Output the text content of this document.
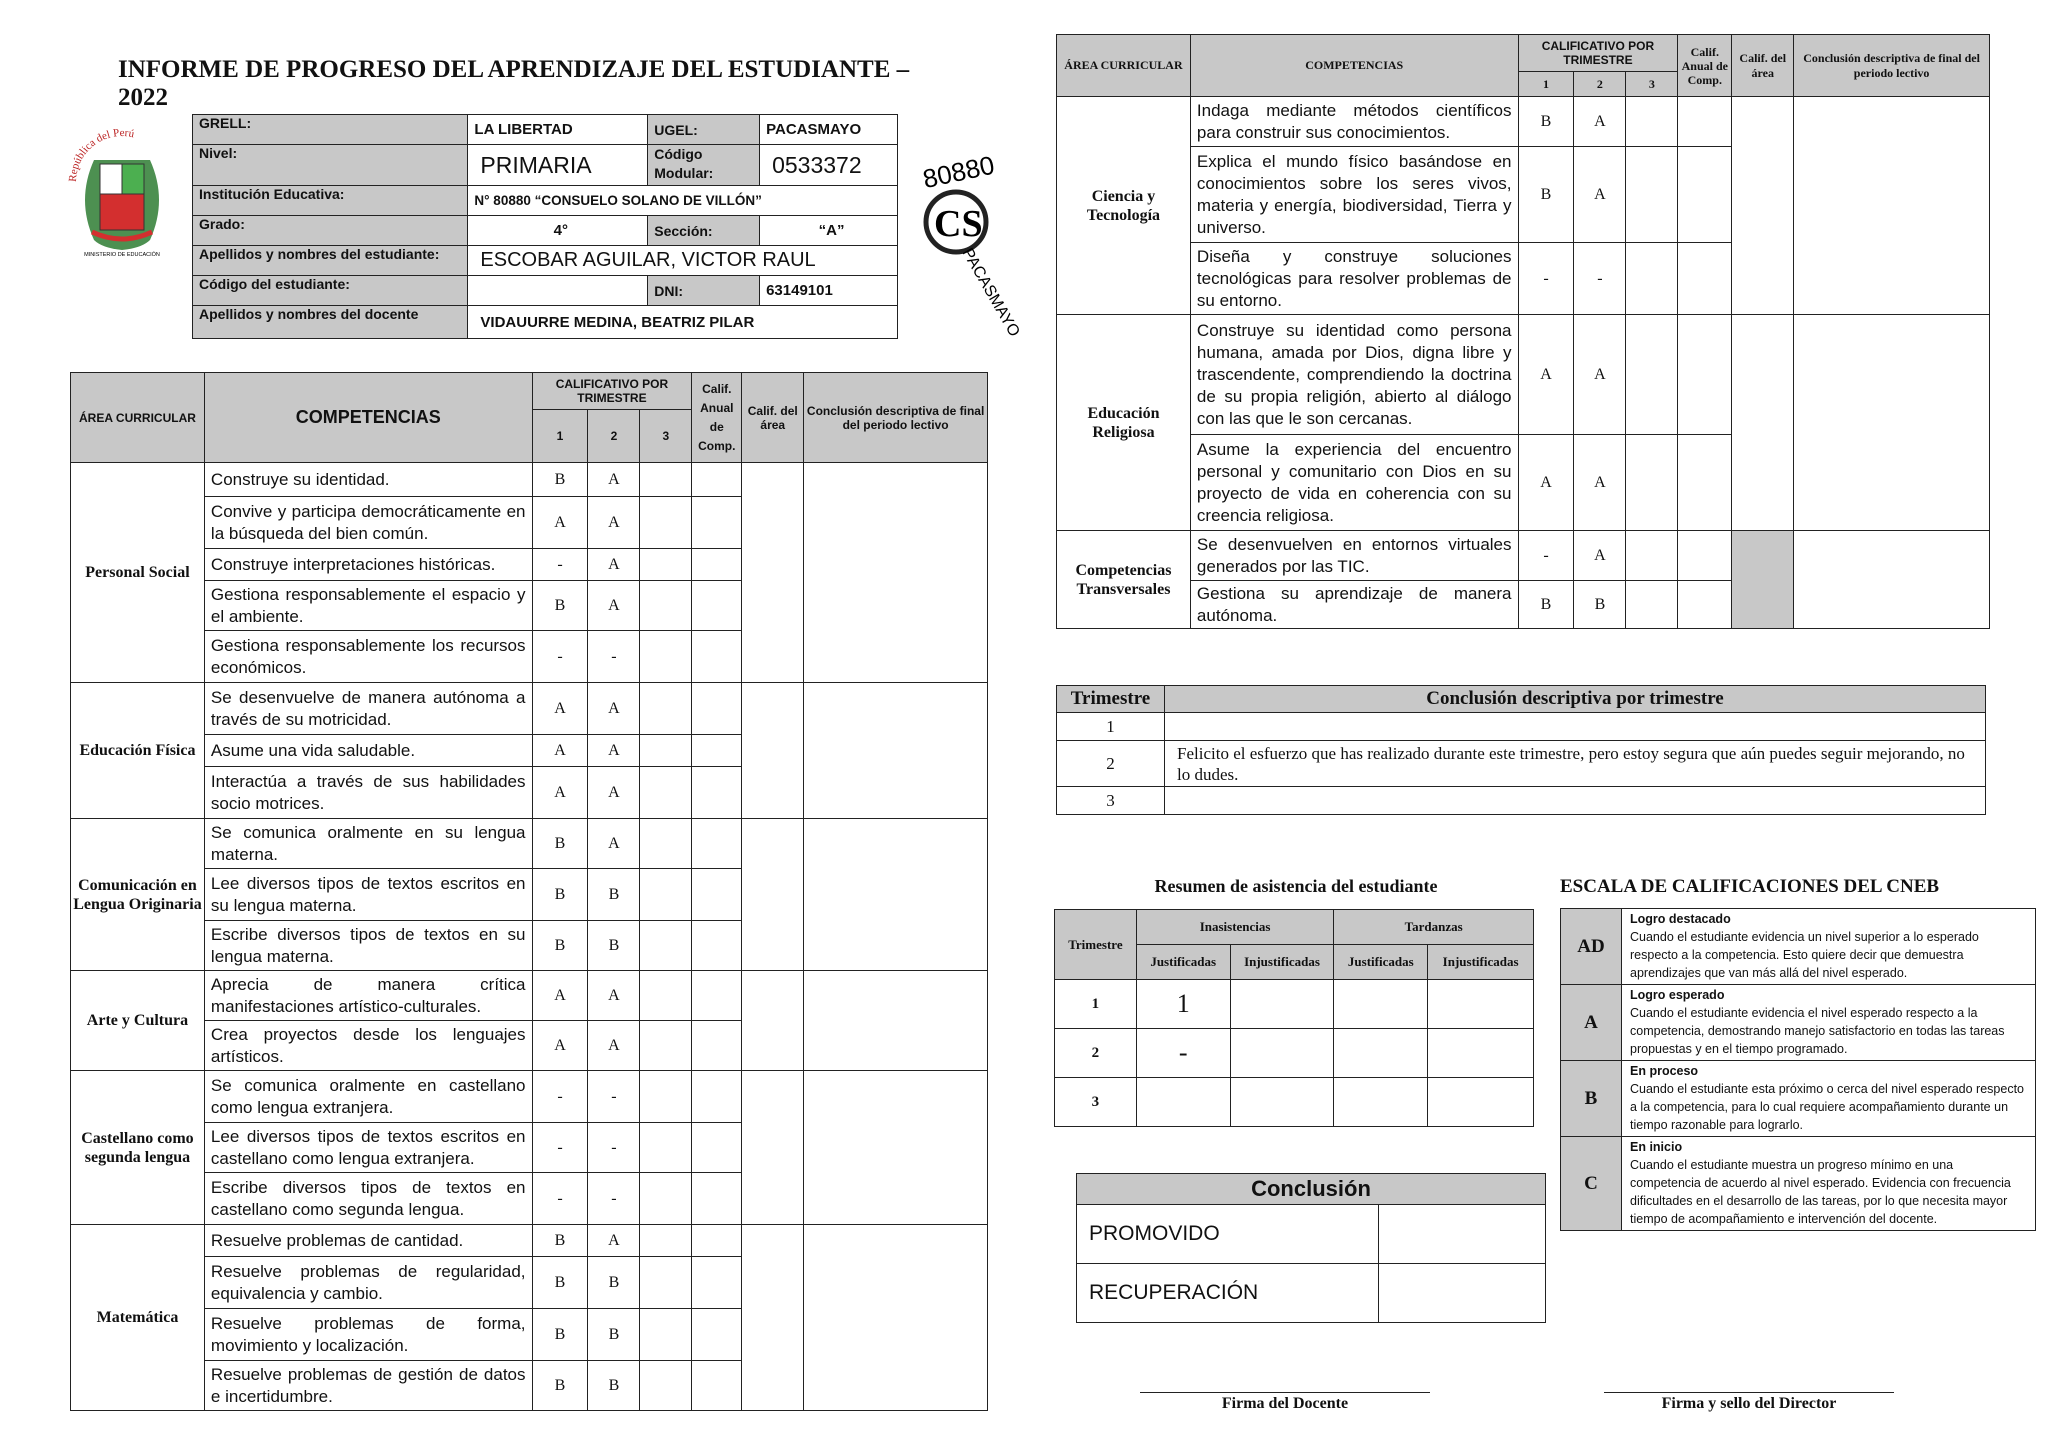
INFORME DE PROGRESO DEL APRENDIZAJE DEL ESTUDIANTE – 2022
República del Perú
MINISTERIO DE EDUCACIÓN
80880
CS
PACASMAYO
GRELL:	LA LIBERTAD	UGEL:	PACASMAYO
Nivel:	PRIMARIA	Código Modular:	0533372
Institución Educativa:	N° 80880 “CONSUELO SOLANO DE VILLÓN”		
Grado:	4°	Sección:	“A”
Apellidos y nombres del estudiante:	ESCOBAR AGUILAR, VICTOR RAUL		
Código del estudiante:		DNI:	63149101
Apellidos y nombres del docente	VIDAUURRE MEDINA, BEATRIZ PILAR		
ÁREA CURRICULAR	COMPETENCIAS	CALIFICATIVO POR TRIMESTRE			Calif. Anual de Comp.	Calif. del área	Conclusión descriptiva de final del periodo lectivo
		1	2	3			
Personal Social	Construye su identidad.	B	A				
	Convive y participa democráticamente en la búsqueda del bien común.	A	A				
	Construye interpretaciones históricas.	-	A				
	Gestiona responsablemente el espacio y el ambiente.	B	A				
	Gestiona responsablemente los recursos económicos.	-	-				
Educación Física	Se desenvuelve de manera autónoma a través de su motricidad.	A	A				
	Asume una vida saludable.	A	A				
	Interactúa a través de sus habilidades socio motrices.	A	A				
Comunicación en Lengua Originaria	Se comunica oralmente en su lengua materna.	B	A				
	Lee diversos tipos de textos escritos en su lengua materna.	B	B				
	Escribe diversos tipos de textos en su lengua materna.	B	B				
Arte y Cultura	Aprecia de manera crítica manifestaciones artístico-culturales.	A	A				
	Crea proyectos desde los lenguajes artísticos.	A	A				
Castellano como segunda lengua	Se comunica oralmente en castellano como lengua extranjera.	-	-				
	Lee diversos tipos de textos escritos en castellano como lengua extranjera.	-	-				
	Escribe diversos tipos de textos en castellano como segunda lengua.	-	-				
Matemática	Resuelve problemas de cantidad.	B	A				
	Resuelve problemas de regularidad, equivalencia y cambio.	B	B				
	Resuelve problemas de forma, movimiento y localización.	B	B				
	Resuelve problemas de gestión de datos e incertidumbre.	B	B				
ÁREA CURRICULAR	COMPETENCIAS	CALIFICATIVO POR TRIMESTRE			Calif. Anual de Comp.	Calif. del área	Conclusión descriptiva de final del periodo lectivo
		1	2	3			
Ciencia y Tecnología	Indaga mediante métodos científicos para construir sus conocimientos.	B	A				
	Explica el mundo físico basándose en conocimientos sobre los seres vivos, materia y energía, biodiversidad, Tierra y universo.	B	A				
	Diseña y construye soluciones tecnológicas para resolver problemas de su entorno.	-	-				
Educación Religiosa	Construye su identidad como persona humana, amada por Dios, digna libre y trascendente, comprendiendo la doctrina de su propia religión, abierto al diálogo con las que le son cercanas.	A	A				
	Asume la experiencia del encuentro personal y comunitario con Dios en su proyecto de vida en coherencia con su creencia religiosa.	A	A				
Competencias Transversales	Se desenvuelven en entornos virtuales generados por las TIC.	-	A				
	Gestiona su aprendizaje de manera autónoma.	B	B				
Trimestre	Conclusión descriptiva por trimestre
1	
2	Felicito el esfuerzo que has realizado durante este trimestre, pero estoy segura que aún puedes seguir mejorando, no lo dudes.
3	
Resumen de asistencia del estudiante
Trimestre	Inasistencias		Tardanzas	
	Justificadas	Injustificadas	Justificadas	Injustificadas
1	1			
2	-			
3				
ESCALA DE CALIFICACIONES DEL CNEB
AD	Logro destacado
Cuando el estudiante evidencia un nivel superior a lo esperado respecto a la competencia. Esto quiere decir que demuestra aprendizajes que van más allá del nivel esperado.

A	Logro esperado
Cuando el estudiante evidencia el nivel esperado respecto a la competencia, demostrando manejo satisfactorio en todas las tareas propuestas y en el tiempo programado.

B	En proceso
Cuando el estudiante esta próximo o cerca del nivel esperado respecto a la competencia, para lo cual requiere acompañamiento durante un tiempo razonable para lograrlo.

C	En inicio
Cuando el estudiante muestra un progreso mínimo en una competencia de acuerdo al nivel esperado. Evidencia con frecuencia dificultades en el desarrollo de las tareas, por lo que necesita mayor tiempo de acompañamiento e intervención del docente.
Conclusión	
PROMOVIDO	
RECUPERACIÓN	
Firma del Docente	Firma y sello del Director
